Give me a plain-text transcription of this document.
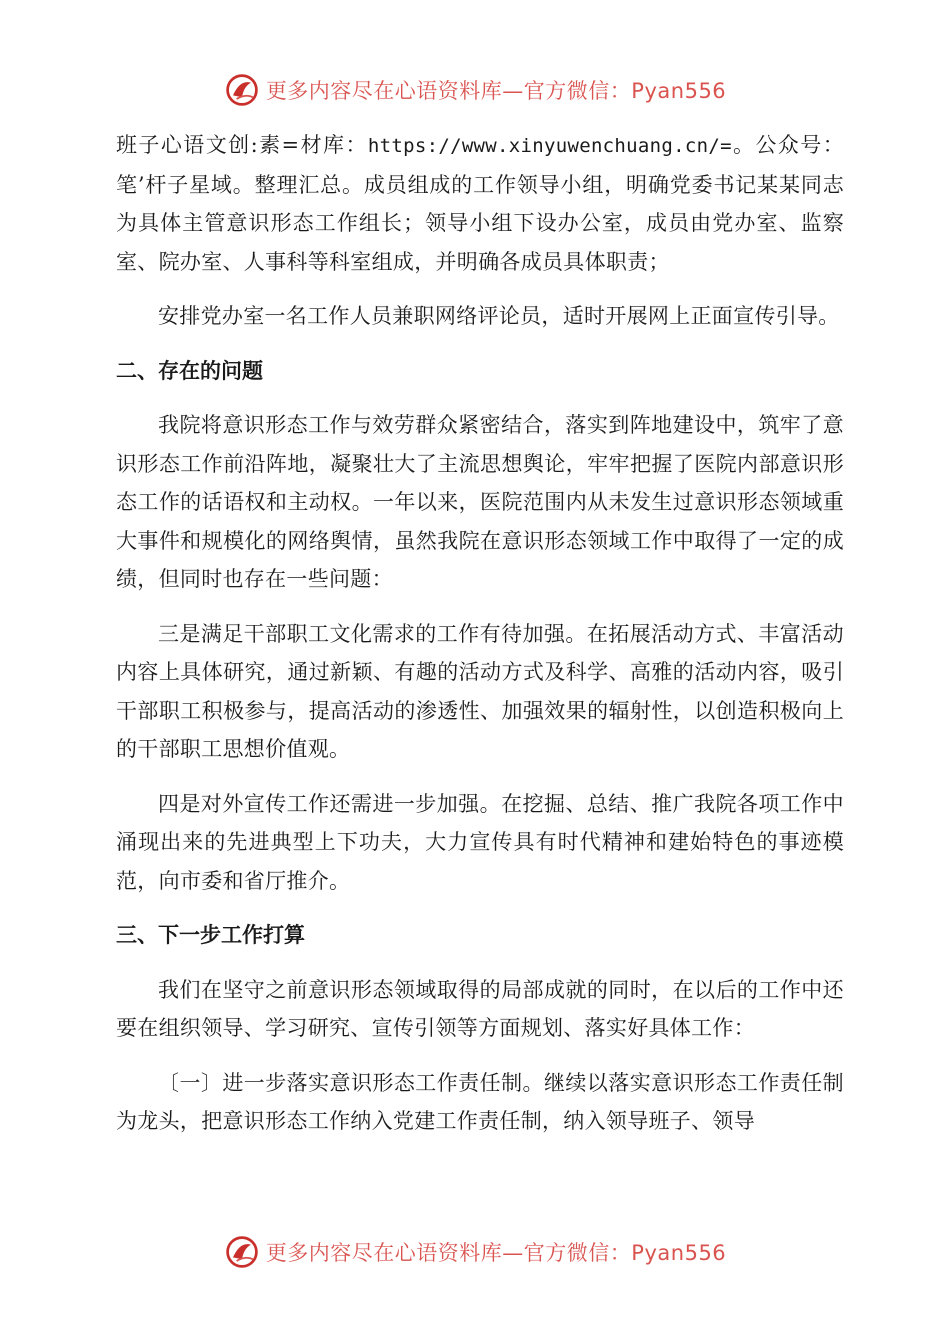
更多内容尽在心语资料库—官方微信：Pyan556

班子心语文创:素=材库：https://www.xinyuwenchuang.cn/=。公众号：笔’杆子星域。整理汇总。成员组成的工作领导小组，明确党委书记某某同志为具体主管意识形态工作组长；领导小组下设办公室，成员由党办室、监察室、院办室、人事科等科室组成，并明确各成员具体职责；

安排党办室一名工作人员兼职网络评论员，适时开展网上正面宣传引导。

二、存在的问题

我院将意识形态工作与效劳群众紧密结合，落实到阵地建设中，筑牢了意识形态工作前沿阵地，凝聚壮大了主流思想舆论，牢牢把握了医院内部意识形态工作的话语权和主动权。一年以来，医院范围内从未发生过意识形态领域重大事件和规模化的网络舆情，虽然我院在意识形态领域工作中取得了一定的成绩，但同时也存在一些问题：

三是满足干部职工文化需求的工作有待加强。在拓展活动方式、丰富活动内容上具体研究，通过新颖、有趣的活动方式及科学、高雅的活动内容，吸引干部职工积极参与，提高活动的渗透性、加强效果的辐射性，以创造积极向上的干部职工思想价值观。

四是对外宣传工作还需进一步加强。在挖掘、总结、推广我院各项工作中涌现出来的先进典型上下功夫，大力宣传具有时代精神和建始特色的事迹模范，向市委和省厅推介。

三、下一步工作打算

我们在坚守之前意识形态领域取得的局部成就的同时，在以后的工作中还要在组织领导、学习研究、宣传引领等方面规划、落实好具体工作：

〔一〕进一步落实意识形态工作责任制。继续以落实意识形态工作责任制为龙头，把意识形态工作纳入党建工作责任制，纳入领导班子、领导

更多内容尽在心语资料库—官方微信：Pyan556
